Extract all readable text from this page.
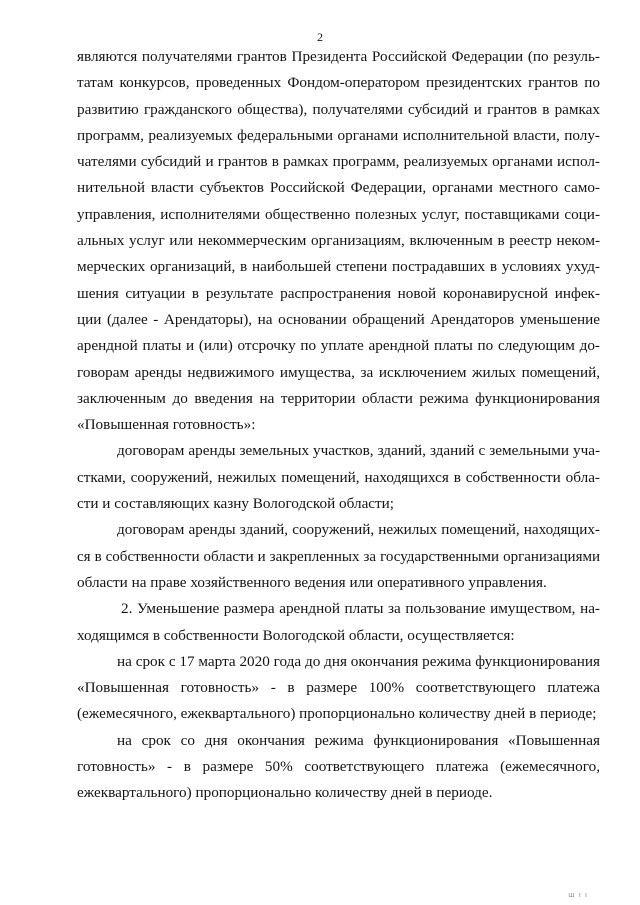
2
являются получателями грантов Президента Российской Федерации (по резуль-
татам конкурсов, проведенных Фондом-оператором президентских грантов по
развитию гражданского общества), получателями субсидий и грантов в рамках
программ, реализуемых федеральными органами исполнительной власти, полу-
чателями субсидий и грантов в рамках программ, реализуемых органами испол-
нительной власти субъектов Российской Федерации, органами местного само-
управления, исполнителями общественно полезных услуг, поставщиками соци-
альных услуг или некоммерческим организациям, включенным в реестр неком-
мерческих организаций, в наибольшей степени пострадавших в условиях ухуд-
шения ситуации в результате распространения новой коронавирусной инфек-
ции (далее - Арендаторы), на основании обращений Арендаторов уменьшение
арендной платы и (или) отсрочку по уплате арендной платы по следующим до-
говорам аренды недвижимого имущества, за исключением жилых помещений,
заключенным до введения на территории области режима функционирования
«Повышенная готовность»:
договорам аренды земельных участков, зданий, зданий с земельными уча-
стками, сооружений, нежилых помещений, находящихся в собственности обла-
сти и составляющих казну Вологодской области;
договорам аренды зданий, сооружений, нежилых помещений, находящих-
ся в собственности области и закрепленных за государственными организациями
области на праве хозяйственного ведения или оперативного управления.
2. Уменьшение размера арендной платы за пользование имуществом, на-
ходящимся в собственности Вологодской области, осуществляется:
на срок с 17 марта 2020 года до дня окончания режима функционирования
«Повышенная готовность» - в размере 100% соответствующего платежа
(ежемесячного, ежеквартального) пропорционально количеству дней в периоде;
на срок со дня окончания режима функционирования «Повышенная
готовность» - в размере 50% соответствующего платежа (ежемесячного,
ежеквартального) пропорционально количеству дней в периоде.
ш ı ı
